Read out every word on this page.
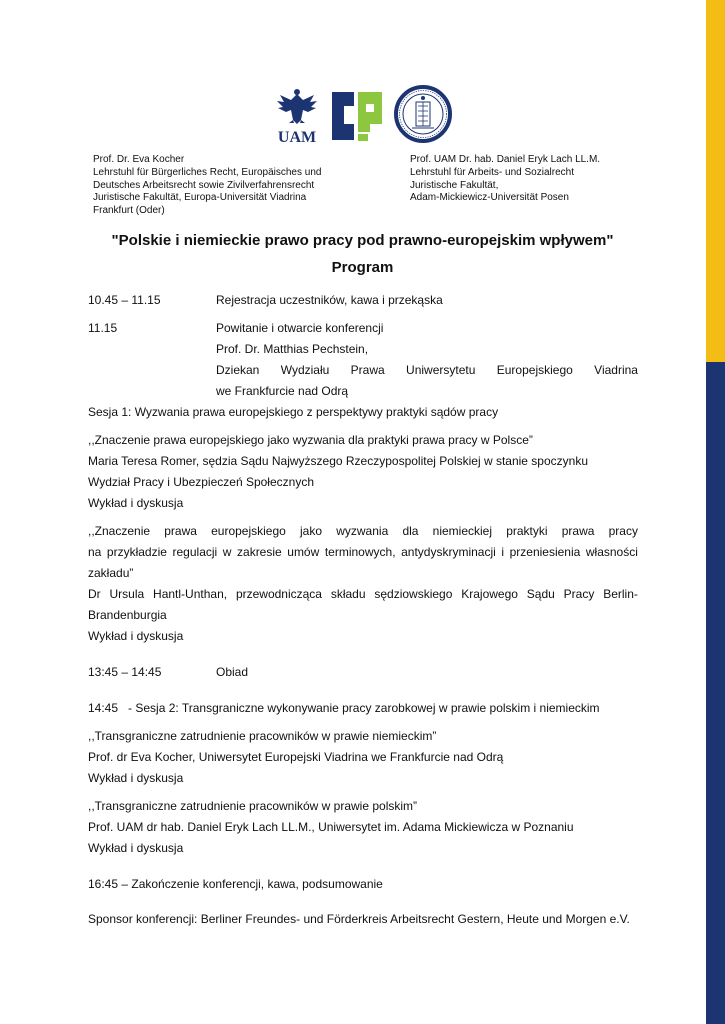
UAM
Prof. Dr. Eva Kocher
Lehrstuhl für Bürgerliches Recht, Europäisches und
Deutsches Arbeitsrecht sowie Zivilverfahrensrecht
Juristische Fakultät, Europa-Universität Viadrina
Frankfurt (Oder)
Prof. UAM Dr. hab. Daniel Eryk Lach LL.M.
Lehrstuhl für Arbeits- und Sozialrecht
Juristische Fakultät,
Adam-Mickiewicz-Universität Posen
"Polskie i niemieckie prawo pracy pod prawno-europejskim wpływem"
Program
10.45 – 11.15	Rejestracja uczestników, kawa i przekąska
11.15	Powitanie i otwarcie konferencji
Prof. Dr. Matthias Pechstein,
Dziekan Wydziału Prawa Uniwersytetu Europejskiego Viadrina
we Frankfurcie nad Odrą
Sesja 1: Wyzwania prawa europejskiego z perspektywy praktyki sądów pracy
,,Znaczenie prawa europejskiego jako wyzwania dla praktyki prawa pracy w Polsce”
Maria Teresa Romer, sędzia Sądu Najwyższego Rzeczypospolitej Polskiej w stanie spoczynku
Wydział Pracy i Ubezpieczeń Społecznych
Wykład i dyskusja
,,Znaczenie prawa europejskiego jako wyzwania dla niemieckiej praktyki prawa pracy
na przykładzie regulacji w zakresie umów terminowych, antydyskryminacji i przeniesienia własności
zakładu”
Dr Ursula Hantl-Unthan, przewodnicząca składu sędziowskiego Krajowego Sądu Pracy Berlin-
Brandenburgia
Wykład i dyskusja
13:45 – 14:45	Obiad
14:45   - Sesja 2: Transgraniczne wykonywanie pracy zarobkowej w prawie polskim i niemieckim
,,Transgraniczne zatrudnienie pracowników w prawie niemieckim”
Prof. dr Eva Kocher, Uniwersytet Europejski Viadrina we Frankfurcie nad Odrą
Wykład i dyskusja
,,Transgraniczne zatrudnienie pracowników w prawie polskim”
Prof. UAM dr hab. Daniel Eryk Lach LL.M., Uniwersytet im. Adama Mickiewicza w Poznaniu
Wykład i dyskusja
16:45 – Zakończenie konferencji, kawa, podsumowanie
Sponsor konferencji: Berliner Freundes- und Förderkreis Arbeitsrecht Gestern, Heute und Morgen e.V.
